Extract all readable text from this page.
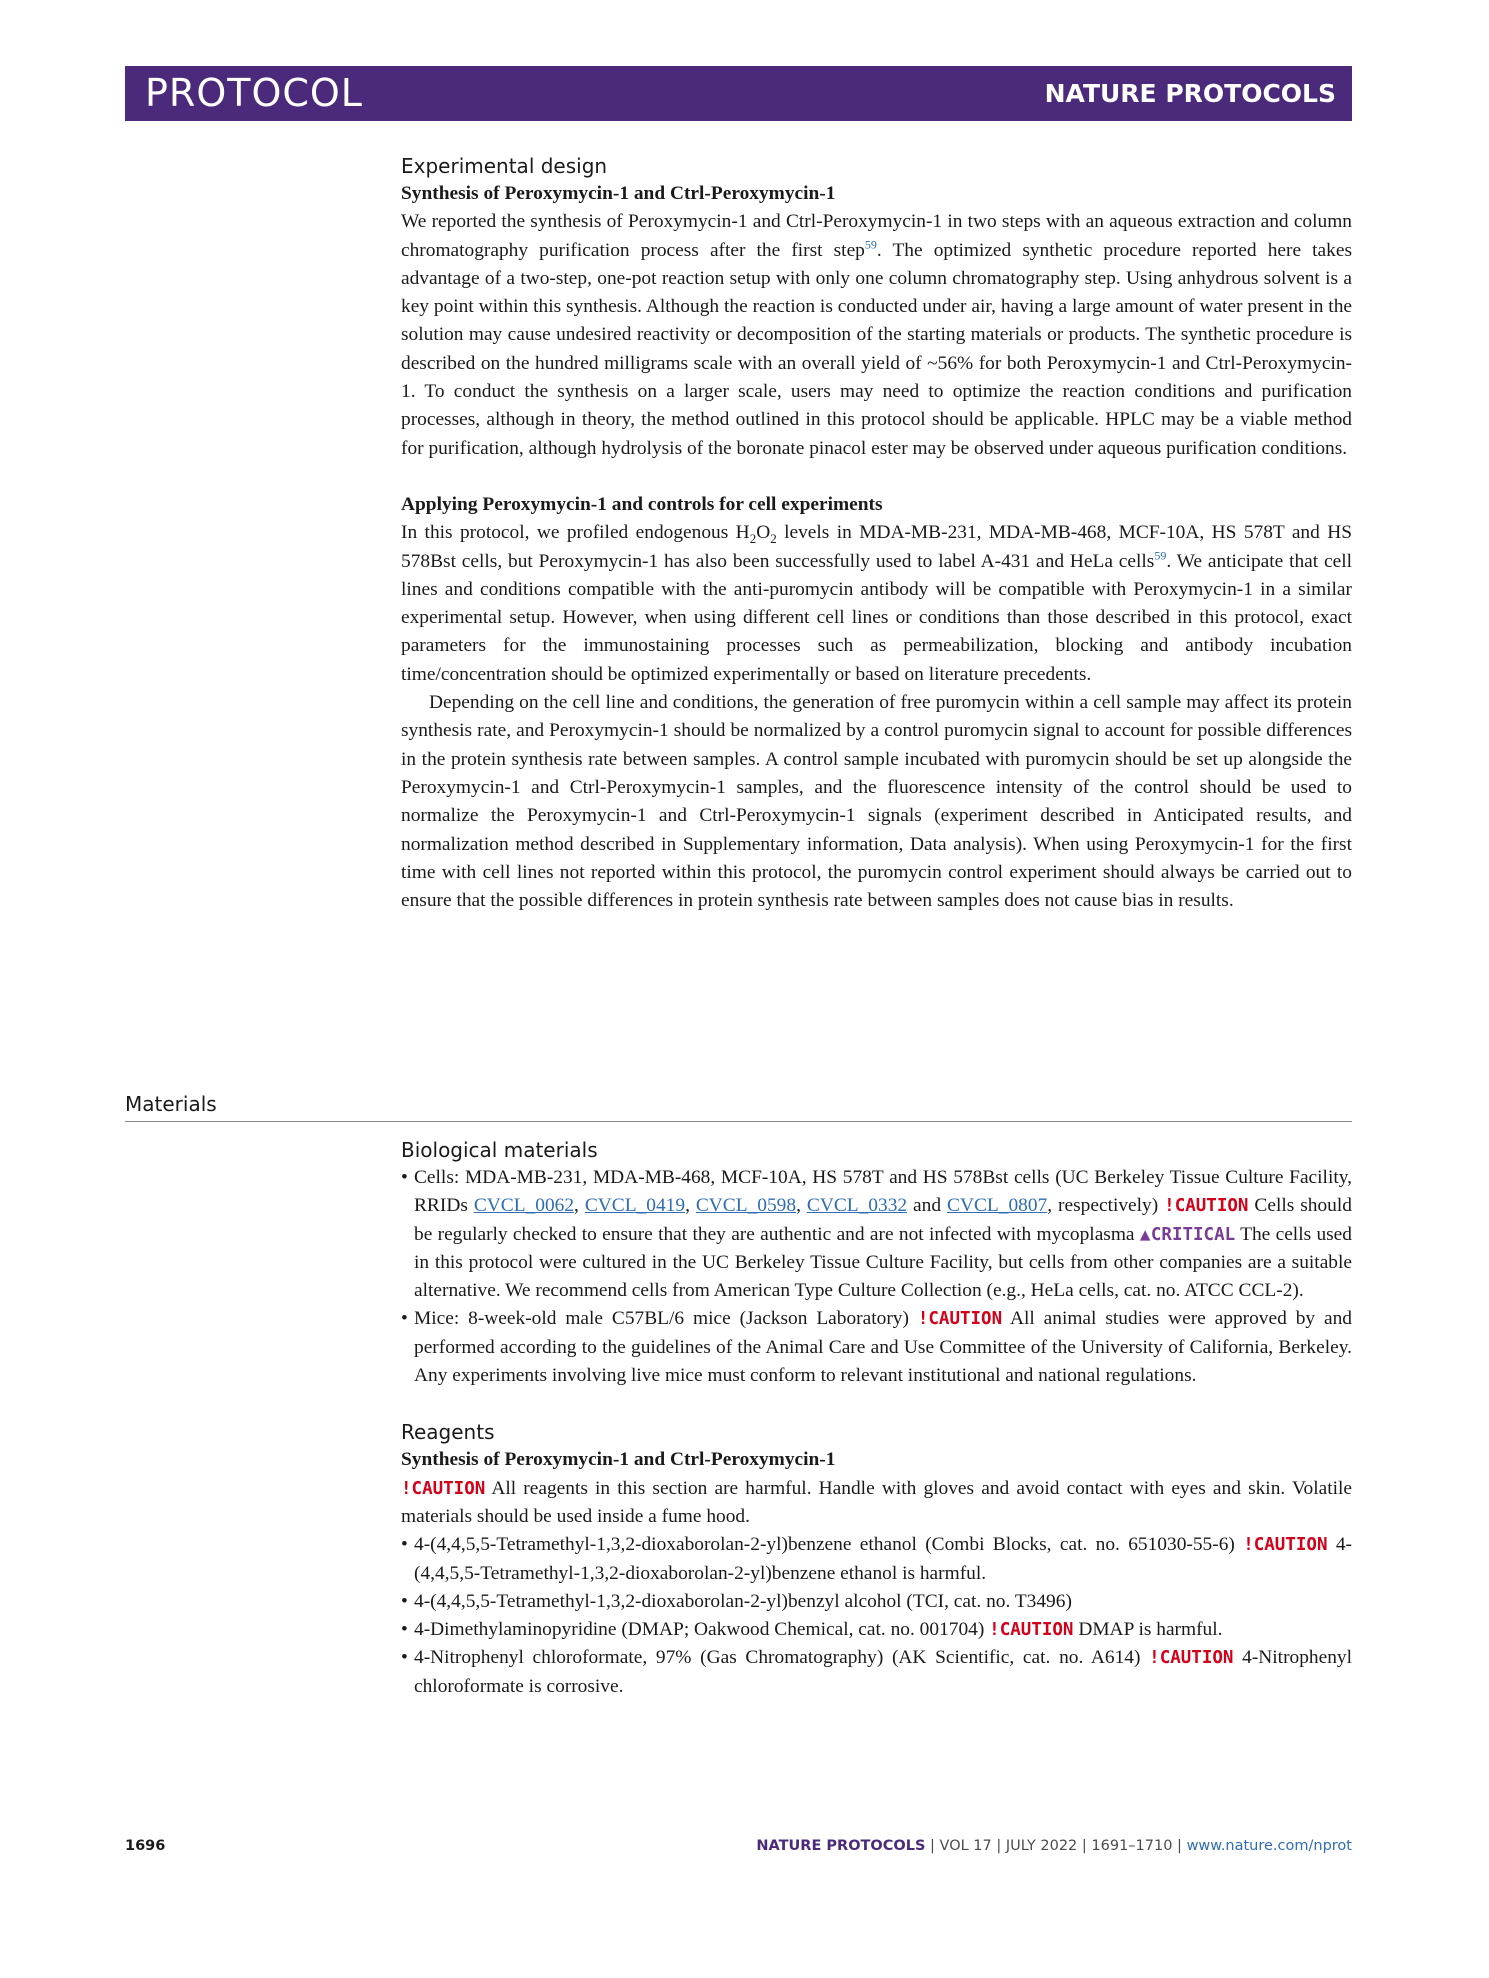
PROTOCOL	NATURE PROTOCOLS
Experimental design
Synthesis of Peroxymycin-1 and Ctrl-Peroxymycin-1

We reported the synthesis of Peroxymycin-1 and Ctrl-Peroxymycin-1 in two steps with an aqueous extraction and column chromatography purification process after the first step$^{59}$. The optimized synthetic procedure reported here takes advantage of a two-step, one-pot reaction setup with only one column chromatography step. Using anhydrous solvent is a key point within this synthesis. Although the reaction is conducted under air, having a large amount of water present in the solution may cause undesired reactivity or decomposition of the starting materials or products. The synthetic procedure is described on the hundred milligrams scale with an overall yield of ~56% for both Peroxymycin-1 and Ctrl-Peroxymycin-1. To conduct the synthesis on a larger scale, users may need to optimize the reaction conditions and purification processes, although in theory, the method outlined in this protocol should be applicable. HPLC may be a viable method for purification, although hydrolysis of the boronate pinacol ester may be observed under aqueous purification conditions.

Applying Peroxymycin-1 and controls for cell experiments

In this protocol, we profiled endogenous $H_2O_2$ levels in MDA-MB-231, MDA-MB-468, MCF-10A, HS 578T and HS 578Bst cells, but Peroxymycin-1 has also been successfully used to label A-431 and HeLa cells$^{59}$. We anticipate that cell lines and conditions compatible with the anti-puromycin antibody will be compatible with Peroxymycin-1 in a similar experimental setup. However, when using different cell lines or conditions than those described in this protocol, exact parameters for the immunostaining processes such as permeabilization, blocking and antibody incubation time/concentration should be optimized experimentally or based on literature precedents.

Depending on the cell line and conditions, the generation of free puromycin within a cell sample may affect its protein synthesis rate, and Peroxymycin-1 should be normalized by a control puromycin signal to account for possible differences in the protein synthesis rate between samples. A control sample incubated with puromycin should be set up alongside the Peroxymycin-1 and Ctrl-Peroxymycin-1 samples, and the fluorescence intensity of the control should be used to normalize the Peroxymycin-1 and Ctrl-Peroxymycin-1 signals (experiment described in Anticipated results, and normalization method described in Supplementary information, Data analysis). When using Peroxymycin-1 for the first time with cell lines not reported within this protocol, the puromycin control experiment should always be carried out to ensure that the possible differences in protein synthesis rate between samples does not cause bias in results.

Materials
Biological materials
• Cells: MDA-MB-231, MDA-MB-468, MCF-10A, HS 578T and HS 578Bst cells (UC Berkeley Tissue Culture Facility, RRIDs CVCL_0062, CVCL_0419, CVCL_0598, CVCL_0332 and CVCL_0807, respectively) !CAUTION Cells should be regularly checked to ensure that they are authentic and are not infected with mycoplasma ▲CRITICAL The cells used in this protocol were cultured in the UC Berkeley Tissue Culture Facility, but cells from other companies are a suitable alternative. We recommend cells from American Type Culture Collection (e.g., HeLa cells, cat. no. ATCC CCL-2).
• Mice: 8-week-old male C57BL/6 mice (Jackson Laboratory) !CAUTION All animal studies were approved by and performed according to the guidelines of the Animal Care and Use Committee of the University of California, Berkeley. Any experiments involving live mice must conform to relevant institutional and national regulations.
Reagents
Synthesis of Peroxymycin-1 and Ctrl-Peroxymycin-1

!CAUTION All reagents in this section are harmful. Handle with gloves and avoid contact with eyes and skin. Volatile materials should be used inside a fume hood.

• 4-(4,4,5,5-Tetramethyl-1,3,2-dioxaborolan-2-yl)benzene ethanol (Combi Blocks, cat. no. 651030-55-6) !CAUTION 4-(4,4,5,5-Tetramethyl-1,3,2-dioxaborolan-2-yl)benzene ethanol is harmful.
• 4-(4,4,5,5-Tetramethyl-1,3,2-dioxaborolan-2-yl)benzyl alcohol (TCI, cat. no. T3496)
• 4-Dimethylaminopyridine (DMAP; Oakwood Chemical, cat. no. 001704) !CAUTION DMAP is harmful.
• 4-Nitrophenyl chloroformate, 97% (Gas Chromatography) (AK Scientific, cat. no. A614) !CAUTION 4-Nitrophenyl chloroformate is corrosive.
1696	NATURE PROTOCOLS | VOL 17 | JULY 2022 | 1691–1710 | www.nature.com/nprot
